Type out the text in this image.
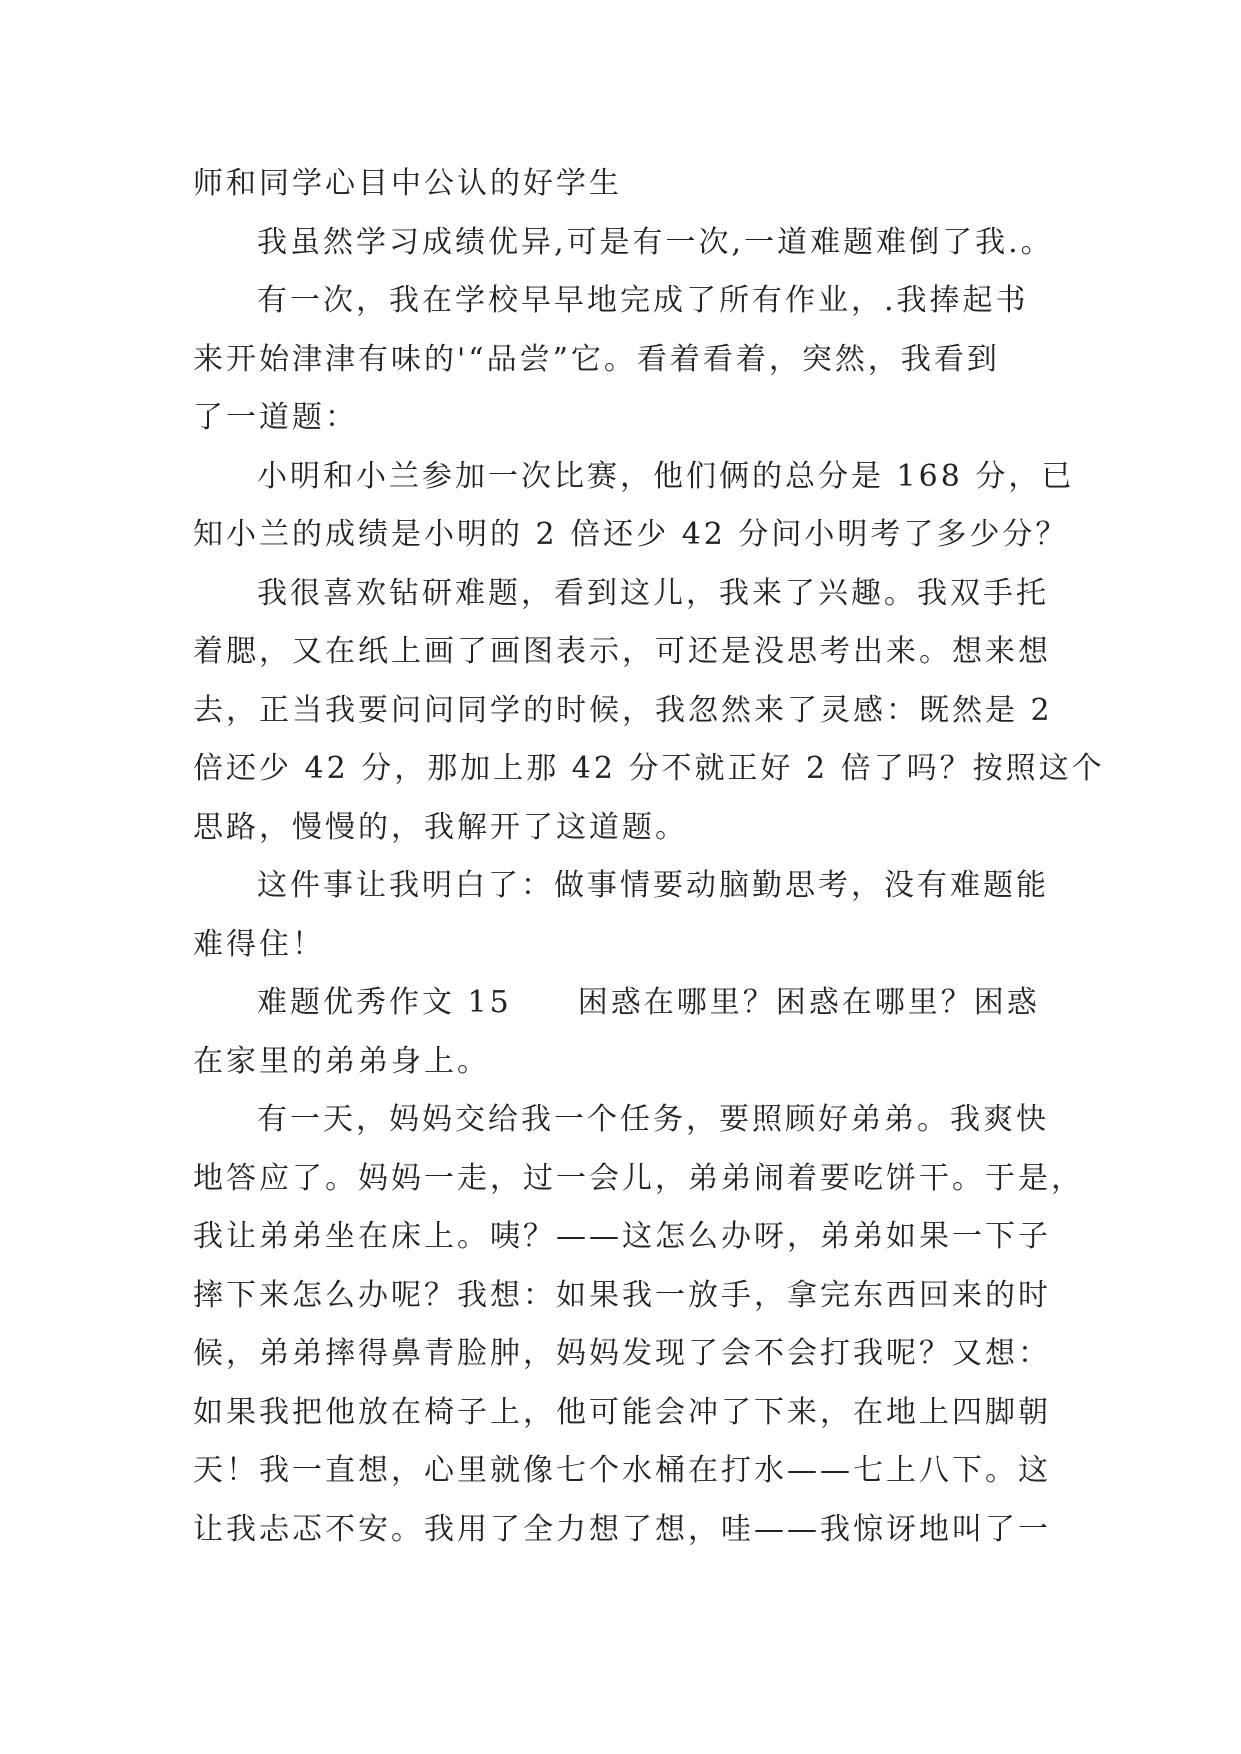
师和同学心目中公认的好学生
我虽然学习成绩优异,可是有一次,一道难题难倒了我.。
有一次，我在学校早早地完成了所有作业，.我捧起书
来开始津津有味的'“品尝”它。看着看着，突然，我看到
了一道题：
小明和小兰参加一次比赛，他们俩的总分是 168 分，已
知小兰的成绩是小明的 2 倍还少 42 分问小明考了多少分？
我很喜欢钻研难题，看到这儿，我来了兴趣。我双手托
着腮，又在纸上画了画图表示，可还是没思考出来。想来想
去，正当我要问问同学的时候，我忽然来了灵感：既然是 2
倍还少 42 分，那加上那 42 分不就正好 2 倍了吗？按照这个
思路，慢慢的，我解开了这道题。
这件事让我明白了：做事情要动脑勤思考，没有难题能
难得住！
难题优秀作文 15　　困惑在哪里？困惑在哪里？困惑
在家里的弟弟身上。
有一天，妈妈交给我一个任务，要照顾好弟弟。我爽快
地答应了。妈妈一走，过一会儿，弟弟闹着要吃饼干。于是，
我让弟弟坐在床上。咦？——这怎么办呀，弟弟如果一下子
摔下来怎么办呢？我想：如果我一放手，拿完东西回来的时
候，弟弟摔得鼻青脸肿，妈妈发现了会不会打我呢？又想：
如果我把他放在椅子上，他可能会冲了下来，在地上四脚朝
天！我一直想，心里就像七个水桶在打水——七上八下。这
让我忐忑不安。我用了全力想了想，哇——我惊讶地叫了一
